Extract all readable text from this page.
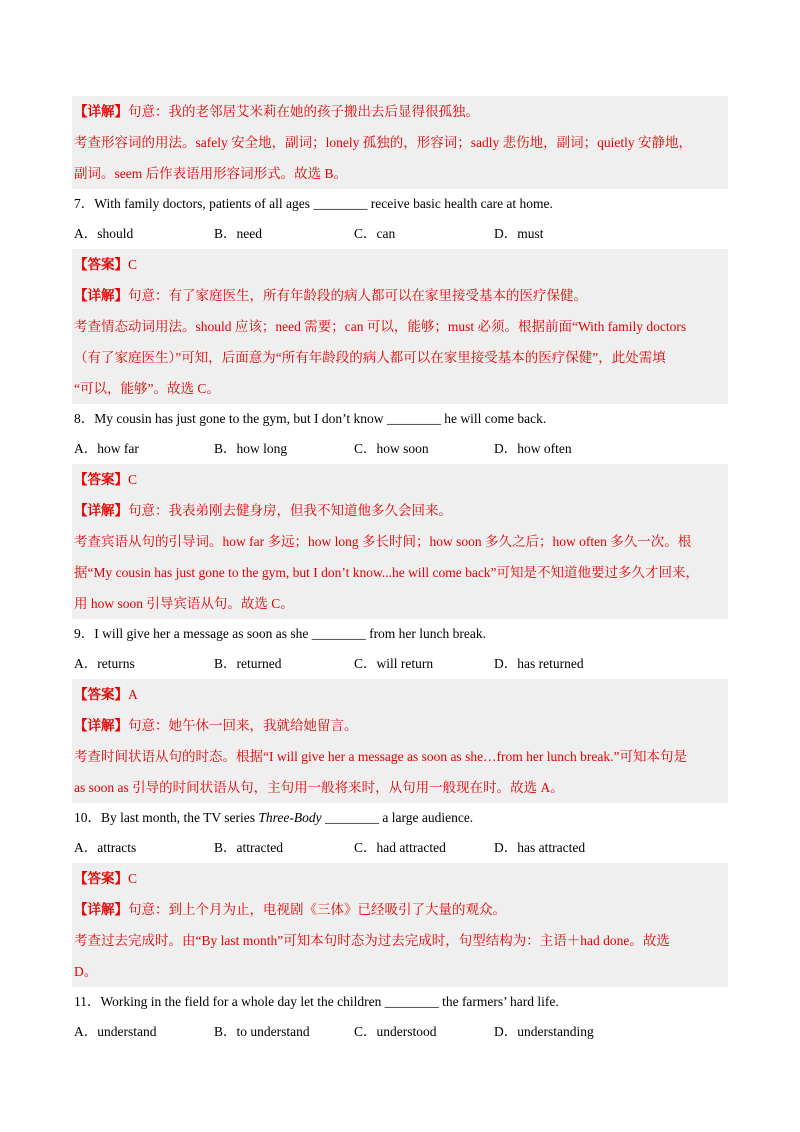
【详解】句意：我的老邻居艾米莉在她的孩子搬出去后显得很孤独。

考查形容词的用法。safely 安全地，副词；lonely 孤独的，形容词；sadly 悲伤地，副词；quietly 安静地，

副词。seem 后作表语用形容词形式。故选 B。

7．With family doctors, patients of all ages ________ receive basic health care at home.

A．should	B．need	C．can	D．must

【答案】C

【详解】句意：有了家庭医生，所有年龄段的病人都可以在家里接受基本的医疗保健。

考查情态动词用法。should 应该；need 需要；can 可以，能够；must 必须。根据前面“With family doctors

（有了家庭医生）”可知，后面意为“所有年龄段的病人都可以在家里接受基本的医疗保健”，此处需填

“可以，能够”。故选 C。

8．My cousin has just gone to the gym, but I don’t know ________ he will come back.

A．how far	B．how long	C．how soon	D．how often

【答案】C

【详解】句意：我表弟刚去健身房，但我不知道他多久会回来。

考查宾语从句的引导词。how far 多远；how long 多长时间；how soon 多久之后；how often 多久一次。根

据“My cousin has just gone to the gym, but I don’t know...he will come back”可知是不知道他要过多久才回来，

用 how soon 引导宾语从句。故选 C。

9．I will give her a message as soon as she ________ from her lunch break.

A．returns	B．returned	C．will return	D．has returned

【答案】A

【详解】句意：她午休一回来，我就给她留言。

考查时间状语从句的时态。根据“I will give her a message as soon as she…from her lunch break.”可知本句是

as soon as 引导的时间状语从句，主句用一般将来时，从句用一般现在时。故选 A。

10．By last month, the TV series Three-Body ________ a large audience.

A．attracts	B．attracted	C．had attracted	D．has attracted

【答案】C

【详解】句意：到上个月为止，电视剧《三体》已经吸引了大量的观众。

考查过去完成时。由“By last month”可知本句时态为过去完成时，句型结构为：主语＋had done。故选

D。

11．Working in the field for a whole day let the children ________ the farmers’ hard life.

A．understand	B．to understand	C．understood	D．understanding
